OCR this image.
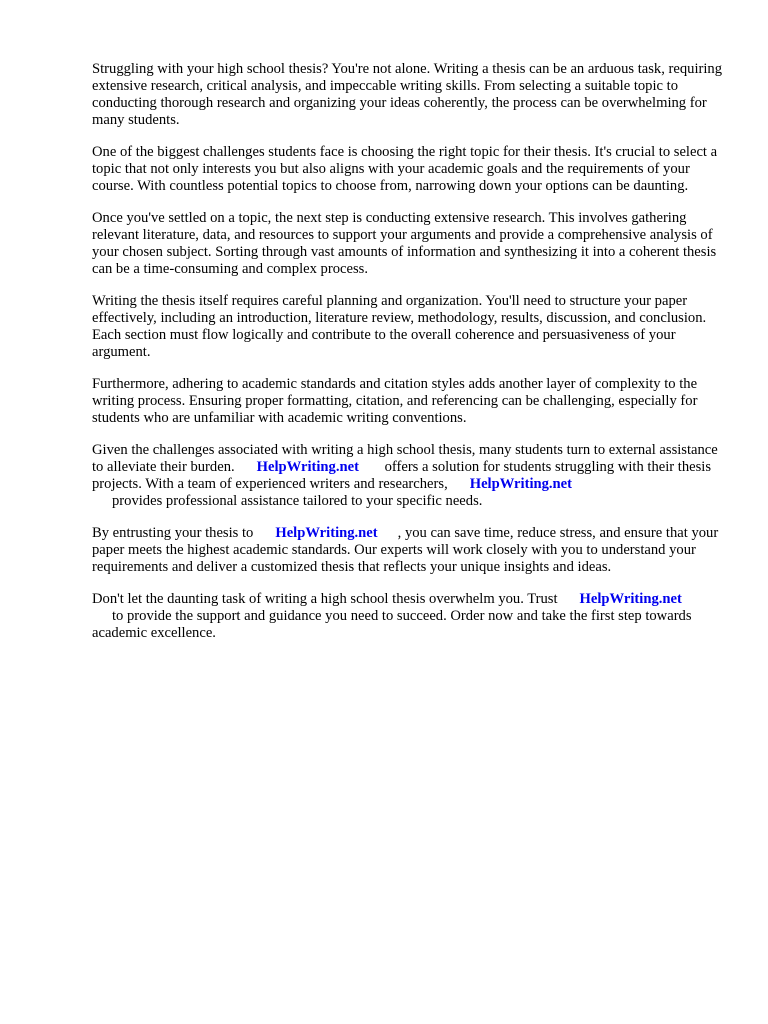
Struggling with your high school thesis? You're not alone. Writing a thesis can be an arduous task, requiring extensive research, critical analysis, and impeccable writing skills. From selecting a suitable topic to conducting thorough research and organizing your ideas coherently, the process can be overwhelming for many students.

One of the biggest challenges students face is choosing the right topic for their thesis. It's crucial to select a topic that not only interests you but also aligns with your academic goals and the requirements of your course. With countless potential topics to choose from, narrowing down your options can be daunting.

Once you've settled on a topic, the next step is conducting extensive research. This involves gathering relevant literature, data, and resources to support your arguments and provide a comprehensive analysis of your chosen subject. Sorting through vast amounts of information and synthesizing it into a coherent thesis can be a time-consuming and complex process.

Writing the thesis itself requires careful planning and organization. You'll need to structure your paper effectively, including an introduction, literature review, methodology, results, discussion, and conclusion. Each section must flow logically and contribute to the overall coherence and persuasiveness of your argument.

Furthermore, adhering to academic standards and citation styles adds another layer of complexity to the writing process. Ensuring proper formatting, citation, and referencing can be challenging, especially for students who are unfamiliar with academic writing conventions.

Given the challenges associated with writing a high school thesis, many students turn to external assistance to alleviate their burden. HelpWriting.net offers a solution for students struggling with their thesis projects. With a team of experienced writers and researchers, HelpWriting.net
provides professional assistance tailored to your specific needs.

By entrusting your thesis to HelpWriting.net , you can save time, reduce stress, and ensure that your paper meets the highest academic standards. Our experts will work closely with you to understand your requirements and deliver a customized thesis that reflects your unique insights and ideas.

Don't let the daunting task of writing a high school thesis overwhelm you. Trust HelpWriting.net
to provide the support and guidance you need to succeed. Order now and take the first step towards academic excellence.
